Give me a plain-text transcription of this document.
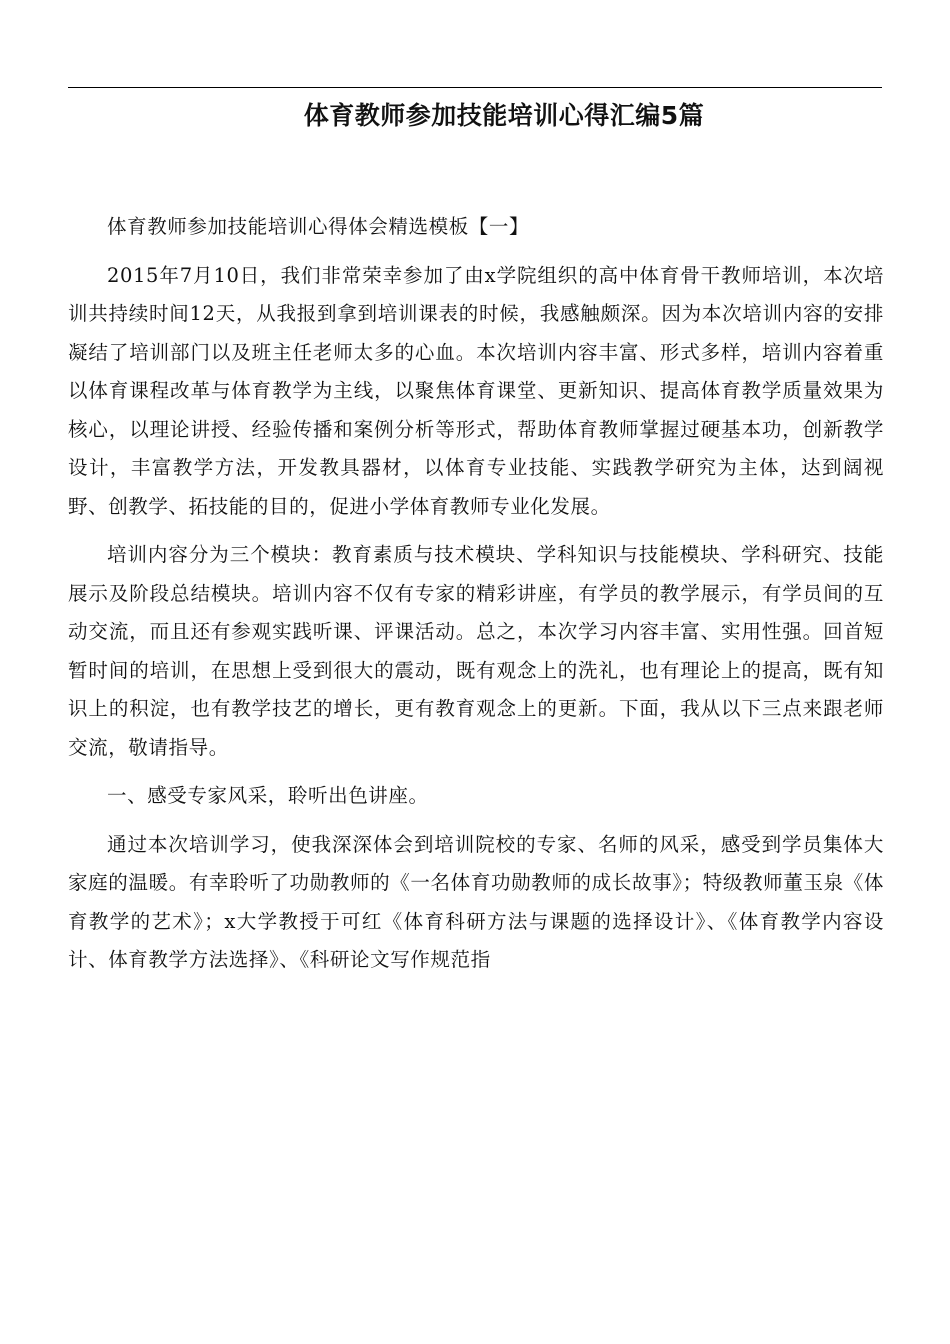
体育教师参加技能培训心得汇编5篇

体育教师参加技能培训心得体会精选模板【一】

2015年7月10日，我们非常荣幸参加了由x学院组织的高中体育骨干教师培训，本次培训共持续时间12天，从我报到拿到培训课表的时候，我感触颇深。因为本次培训内容的安排凝结了培训部门以及班主任老师太多的心血。本次培训内容丰富、形式多样，培训内容着重以体育课程改革与体育教学为主线，以聚焦体育课堂、更新知识、提高体育教学质量效果为核心，以理论讲授、经验传播和案例分析等形式，帮助体育教师掌握过硬基本功，创新教学设计，丰富教学方法，开发教具器材，以体育专业技能、实践教学研究为主体，达到阔视野、创教学、拓技能的目的，促进小学体育教师专业化发展。

培训内容分为三个模块：教育素质与技术模块、学科知识与技能模块、学科研究、技能展示及阶段总结模块。培训内容不仅有专家的精彩讲座，有学员的教学展示，有学员间的互动交流，而且还有参观实践听课、评课活动。总之，本次学习内容丰富、实用性强。回首短暂时间的培训，在思想上受到很大的震动，既有观念上的洗礼，也有理论上的提高，既有知识上的积淀，也有教学技艺的增长，更有教育观念上的更新。下面，我从以下三点来跟老师交流，敬请指导。

一、感受专家风采，聆听出色讲座。

通过本次培训学习，使我深深体会到培训院校的专家、名师的风采，感受到学员集体大家庭的温暖。有幸聆听了功勋教师的《一名体育功勋教师的成长故事》；特级教师董玉泉《体育教学的艺术》；x大学教授于可红《体育科研方法与课题的选择设计》、《体育教学内容设计、体育教学方法选择》、《科研论文写作规范指
